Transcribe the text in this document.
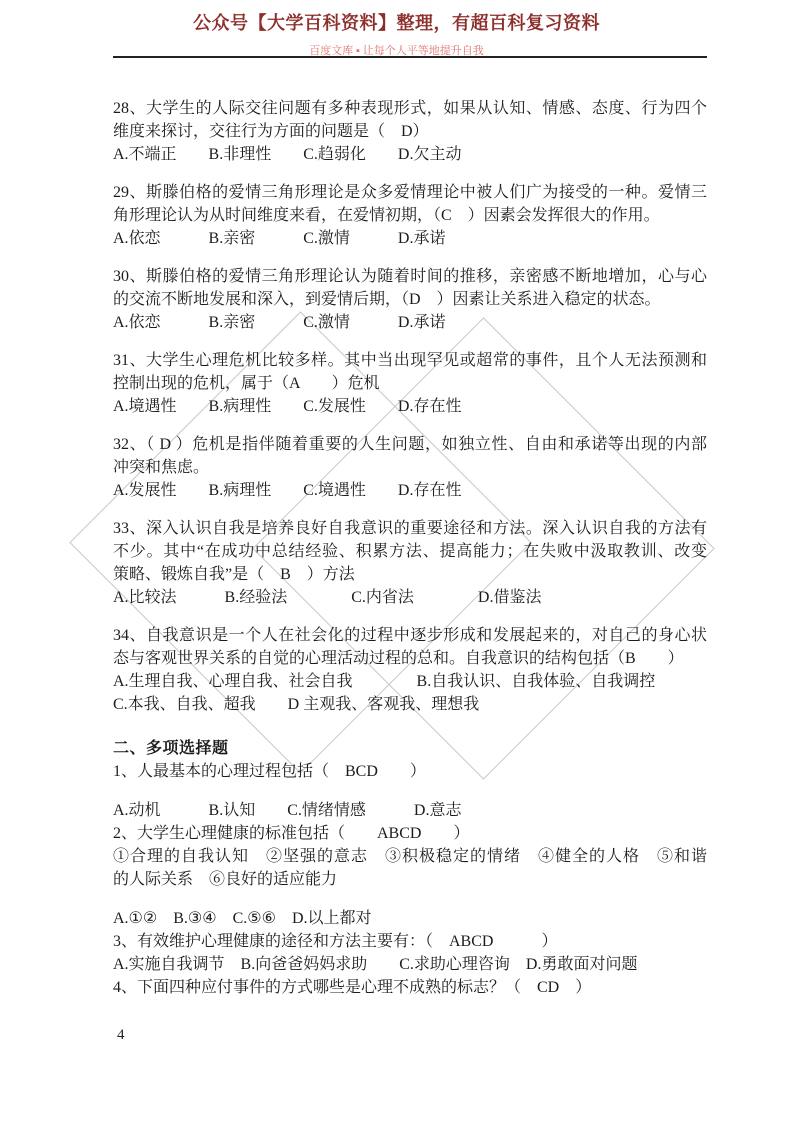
公众号【大学百科资料】整理，有超百科复习资料
百度文库 ▪ 让每个人平等地提升自我
28、大学生的人际交往问题有多种表现形式，如果从认知、情感、态度、行为四个
维度来探讨，交往行为方面的问题是（　D）
A.不端正　　B.非理性　　C.趋弱化　　D.欠主动
29、斯滕伯格的爱情三角形理论是众多爱情理论中被人们广为接受的一种。爱情三
角形理论认为从时间维度来看，在爱情初期，（C　）因素会发挥很大的作用。
A.依恋　　　B.亲密　　　C.激情　　　D.承诺
30、斯滕伯格的爱情三角形理论认为随着时间的推移，亲密感不断地增加，心与心
的交流不断地发展和深入，到爱情后期，（D　）因素让关系进入稳定的状态。
A.依恋　　　B.亲密　　　C.激情　　　D.承诺
31、大学生心理危机比较多样。其中当出现罕见或超常的事件，且个人无法预测和
控制出现的危机，属于（A　　）危机
A.境遇性　　B.病理性　　C.发展性　　D.存在性
32、（ D ）危机是指伴随着重要的人生问题，如独立性、自由和承诺等出现的内部
冲突和焦虑。
A.发展性　　B.病理性　　C.境遇性　　D.存在性
33、深入认识自我是培养良好自我意识的重要途径和方法。深入认识自我的方法有
不少。其中“在成功中总结经验、积累方法、提高能力；在失败中汲取教训、改变
策略、锻炼自我”是（　B　）方法
A.比较法　　　B.经验法　　　　C.内省法　　　　D.借鉴法
34、自我意识是一个人在社会化的过程中逐步形成和发展起来的，对自己的身心状
态与客观世界关系的自觉的心理活动过程的总和。自我意识的结构包括（B　　）
A.生理自我、心理自我、社会自我　　　　B.自我认识、自我体验、自我调控
C.本我、自我、超我　　D 主观我、客观我、理想我
二、多项选择题
1、人最基本的心理过程包括（　BCD　　）
A.动机　　　B.认知　　C.情绪情感　　　D.意志
2、大学生心理健康的标准包括（　　ABCD　　）
①合理的自我认知　②坚强的意志　③积极稳定的情绪　④健全的人格　⑤和谐
的人际关系　⑥良好的适应能力
A.①②　B.③④　C.⑤⑥　D.以上都对
3、有效维护心理健康的途径和方法主要有：（　ABCD　　　）
A.实施自我调节　B.向爸爸妈妈求助　　C.求助心理咨询　D.勇敢面对问题
4、下面四种应付事件的方式哪些是心理不成熟的标志？（　CD　）
4
